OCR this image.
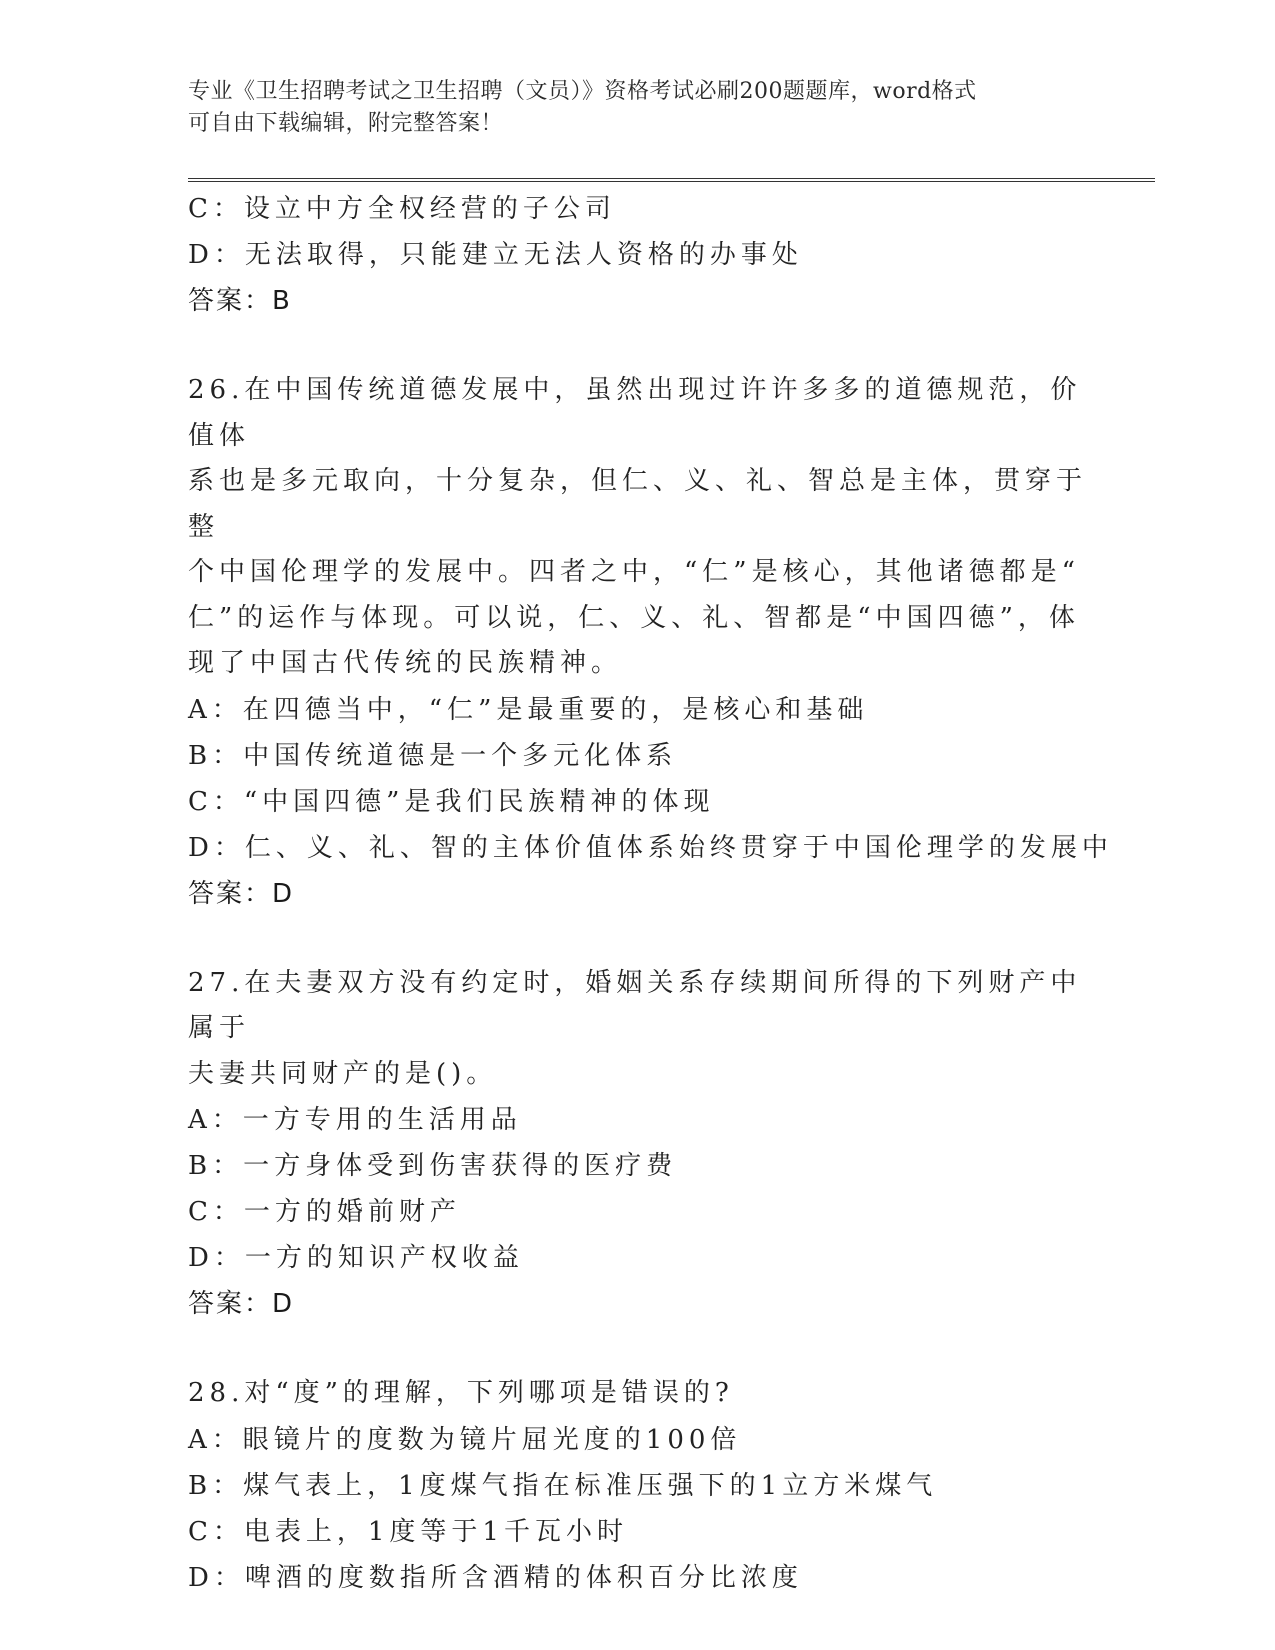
专业《卫生招聘考试之卫生招聘（文员）》资格考试必刷200题题库，word格式
可自由下载编辑，附完整答案！
C：设立中方全权经营的子公司
D：无法取得，只能建立无法人资格的办事处
答案：B
26.在中国传统道德发展中，虽然出现过许许多多的道德规范，价值体
系也是多元取向，十分复杂，但仁、义、礼、智总是主体，贯穿于整
个中国伦理学的发展中。四者之中，“仁”是核心，其他诸德都是“
仁”的运作与体现。可以说，仁、义、礼、智都是“中国四德”，体
现了中国古代传统的民族精神。
A：在四德当中，“仁”是最重要的，是核心和基础
B：中国传统道德是一个多元化体系
C：“中国四德”是我们民族精神的体现
D：仁、义、礼、智的主体价值体系始终贯穿于中国伦理学的发展中
答案：D
27.在夫妻双方没有约定时，婚姻关系存续期间所得的下列财产中属于
夫妻共同财产的是()。
A：一方专用的生活用品
B：一方身体受到伤害获得的医疗费
C：一方的婚前财产
D：一方的知识产权收益
答案：D
28.对“度”的理解，下列哪项是错误的?
A：眼镜片的度数为镜片屈光度的100倍
B：煤气表上，1度煤气指在标准压强下的1立方米煤气
C：电表上，1度等于1千瓦小时
D：啤酒的度数指所含酒精的体积百分比浓度
